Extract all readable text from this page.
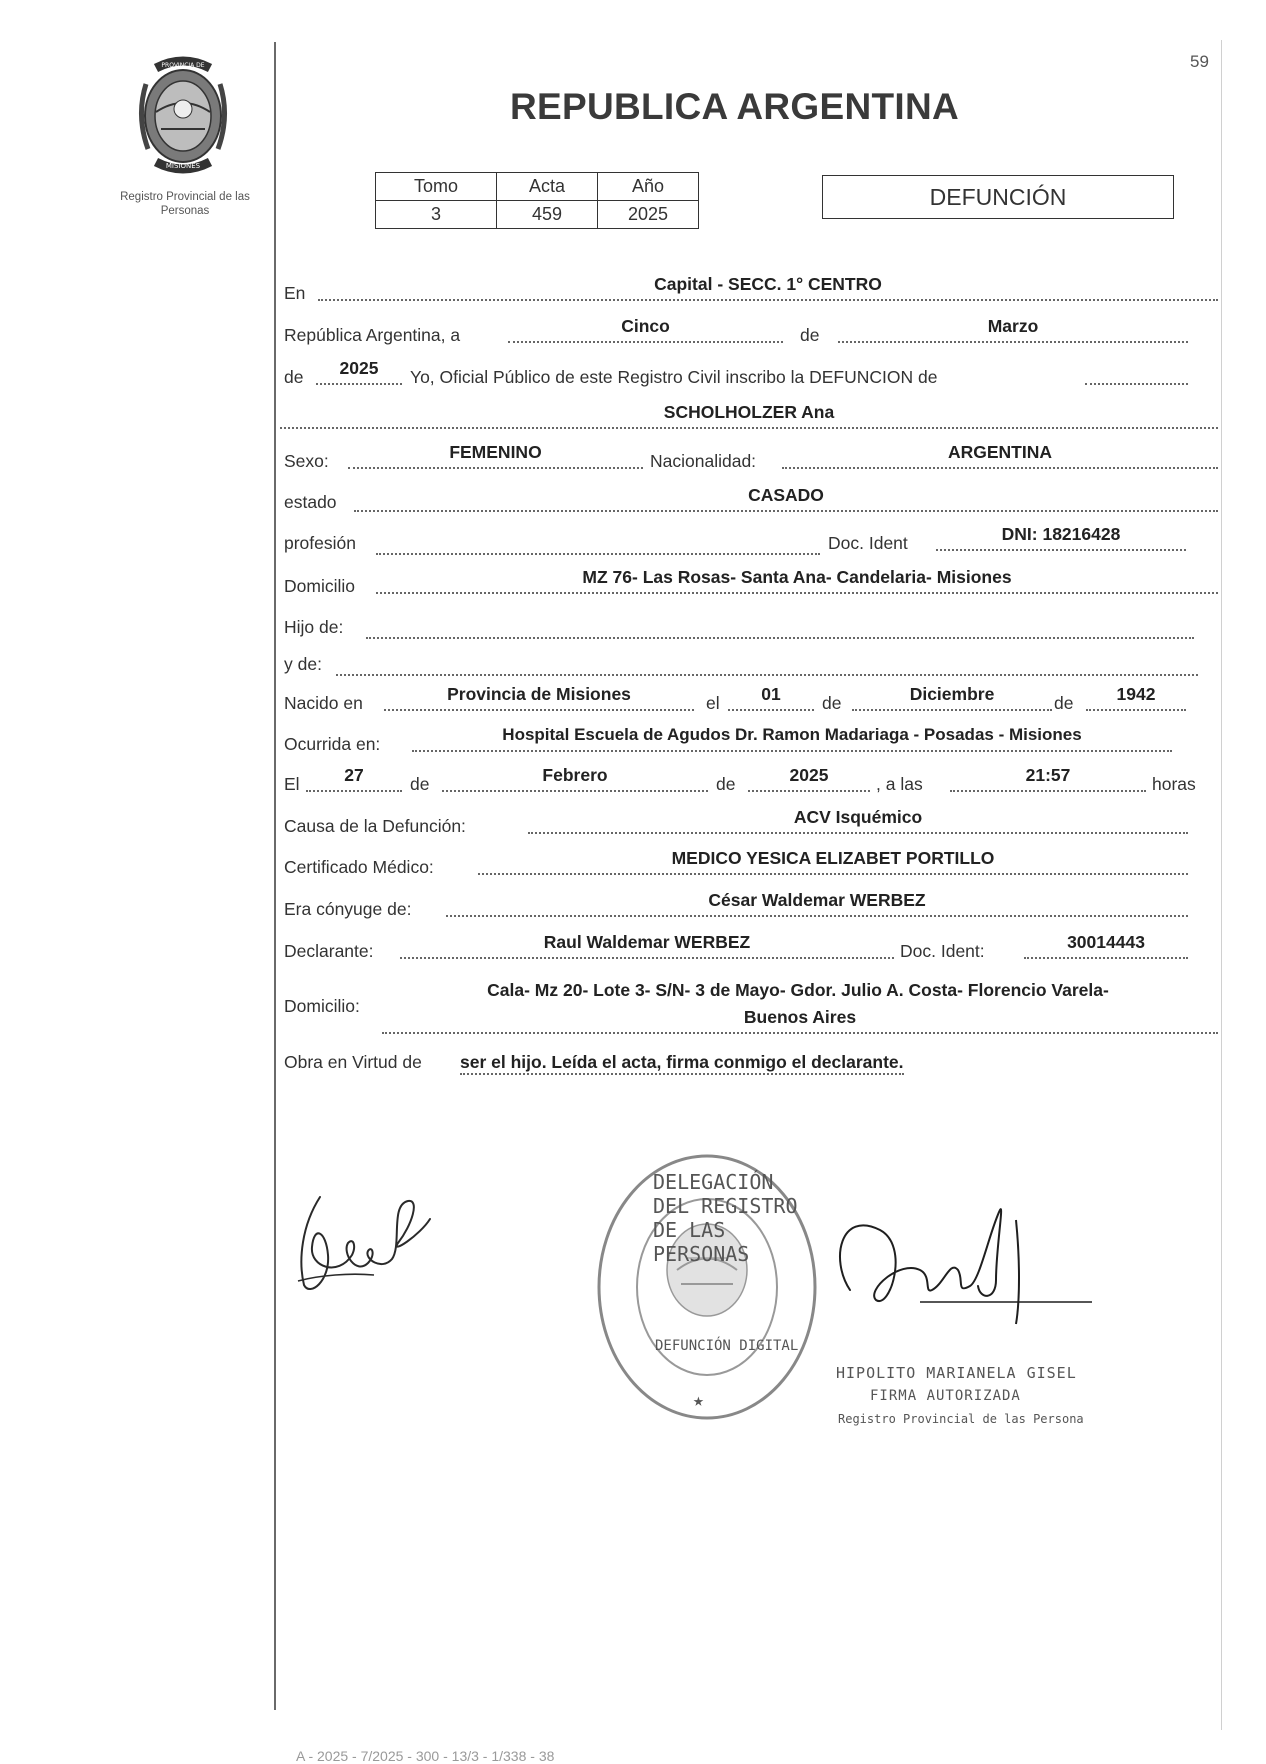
PROVINCIA DE
MISIONES
Registro Provincial de las Personas
59
REPUBLICA ARGENTINA
Tomo	Acta	Año
3	459	2025
DEFUNCIÓN
En	Capital - SECC. 1° CENTRO
República Argentina, a	Cinco	de	Marzo
de	2025	Yo, Oficial Público de este Registro Civil inscribo la DEFUNCION de
SCHOLHOLZER Ana
Sexo:	FEMENINO	Nacionalidad:	ARGENTINA
estado	CASADO
profesión	Doc. Ident	DNI: 18216428
Domicilio	MZ 76- Las Rosas- Santa Ana- Candelaria- Misiones
Hijo de:
y de:
Nacido en	Provincia de Misiones	el	01	de	Diciembre	de	1942
Ocurrida en:	Hospital Escuela de Agudos Dr. Ramon Madariaga - Posadas - Misiones
El	27	de	Febrero	de	2025	, a las	21:57	horas
Causa de la Defunción:	ACV Isquémico
Certificado Médico:	MEDICO YESICA ELIZABET PORTILLO
Era cónyuge de:	César Waldemar WERBEZ
Declarante:	Raul Waldemar WERBEZ	Doc. Ident:	30014443
Domicilio:
Cala- Mz 20- Lote 3- S/N- 3 de Mayo- Gdor. Julio A. Costa- Florencio Varela-
Buenos Aires
Obra en Virtud de ser el hijo. Leída el acta, firma conmigo el declarante.
DELEGACIÓN DEL REGISTRO DE LAS PERSONAS
DEFUNCIÓN DIGITAL
★
HIPOLITO MARIANELA GISEL
FIRMA AUTORIZADA
Registro Provincial de las Persona
A - 2025 - 7/2025 - 300 - 13/3 - 1/338 - 38
